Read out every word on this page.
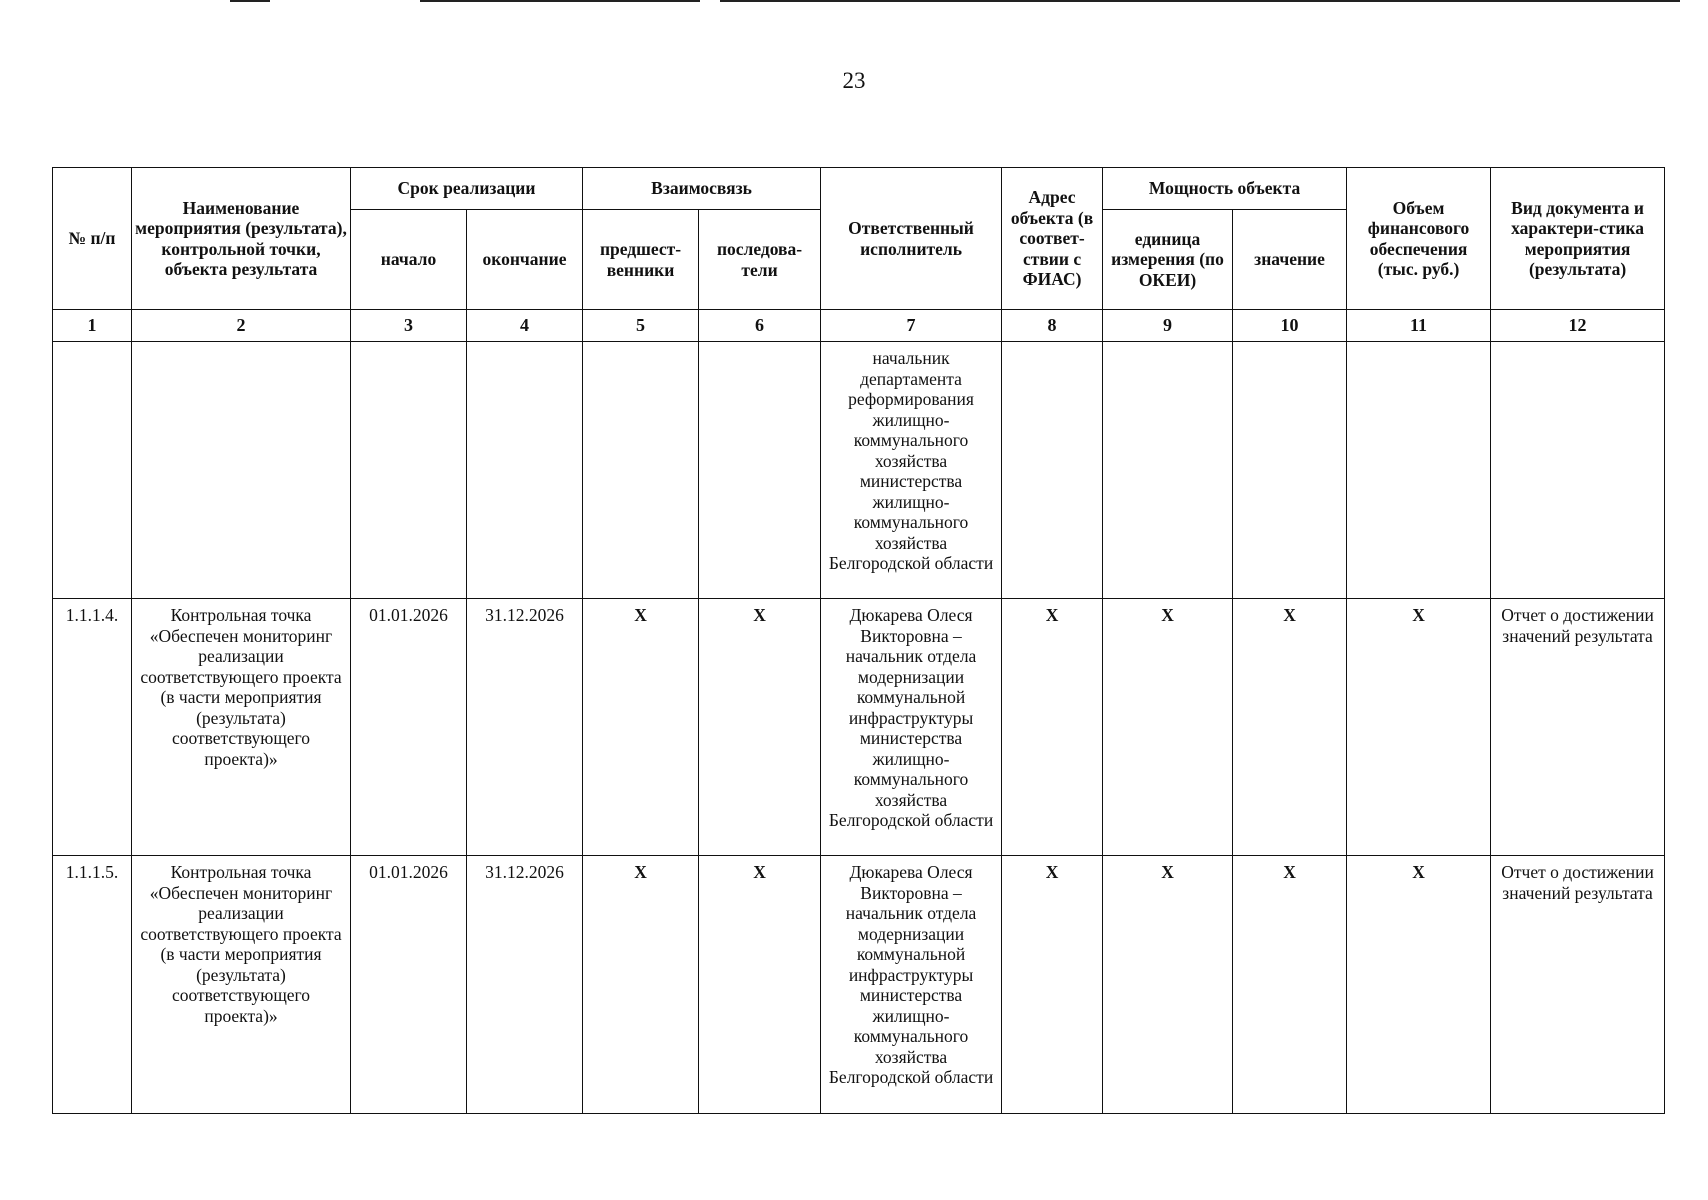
23
№ п/п	Наименование мероприятия (результата), контрольной точки, объекта результата	Срок реализации		Взаимосвязь		Ответственный исполнитель	Адрес объекта (в соответ-ствии с ФИАС)	Мощность объекта		Объем финансового обеспечения (тыс. руб.)	Вид документа и характери-стика мероприятия (результата)
		начало	окончание	предшест-венники	последова-тели			единица измерения (по ОКЕИ)	значение		
1	2	3	4	5	6	7	8	9	10	11	12
						начальник департамента реформирования жилищно-коммунального хозяйства министерства жилищно-коммунального хозяйства Белгородской области					
1.1.1.4.	Контрольная точка «Обеспечен мониторинг реализации соответствующего проекта (в части мероприятия (результата) соответствующего проекта)»	01.01.2026	31.12.2026	X	X	Дюкарева Олеся Викторовна – начальник отдела модернизации коммунальной инфраструктуры министерства жилищно-коммунального хозяйства Белгородской области	X	X	X	X	Отчет о достижении значений результата
1.1.1.5.	Контрольная точка «Обеспечен мониторинг реализации соответствующего проекта (в части мероприятия (результата) соответствующего проекта)»	01.01.2026	31.12.2026	X	X	Дюкарева Олеся Викторовна – начальник отдела модернизации коммунальной инфраструктуры министерства жилищно-коммунального хозяйства Белгородской области	X	X	X	X	Отчет о достижении значений результата
